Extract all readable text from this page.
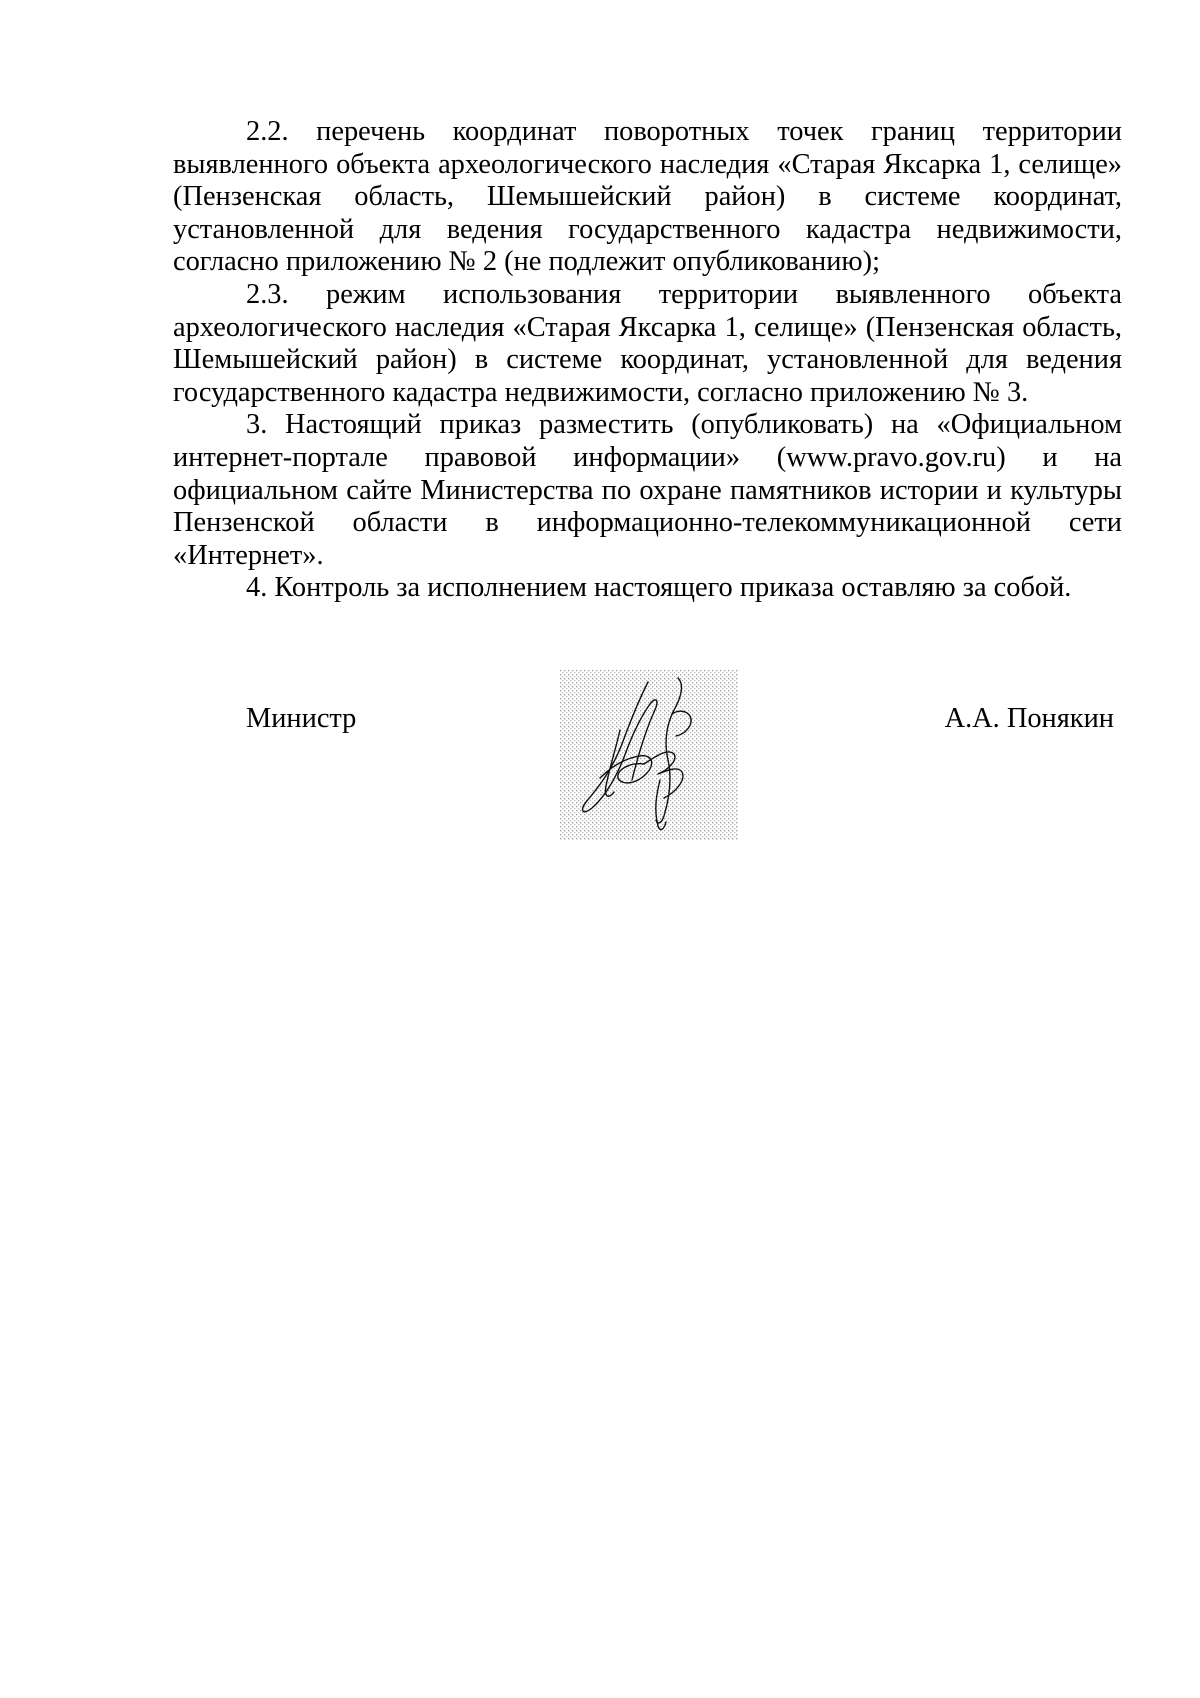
2.2. перечень координат поворотных точек границ территории выявленного объекта археологического наследия «Старая Яксарка 1, селище» (Пензенская область, Шемышейский район) в системе координат, установленной для ведения государственного кадастра недвижимости, согласно приложению № 2 (не подлежит опубликованию);

2.3. режим использования территории выявленного объекта археологического наследия «Старая Яксарка 1, селище» (Пензенская область, Шемышейский район) в системе координат, установленной для ведения государственного кадастра недвижимости, согласно приложению № 3.

3. Настоящий приказ разместить (опубликовать) на «Официальном интернет-портале правовой информации» (www.pravo.gov.ru) и на официальном сайте Министерства по охране памятников истории и культуры Пензенской области в информационно-телекоммуникационной сети «Интернет».

4. Контроль за исполнением настоящего приказа оставляю за собой.

Министр	А.А. Понякин
